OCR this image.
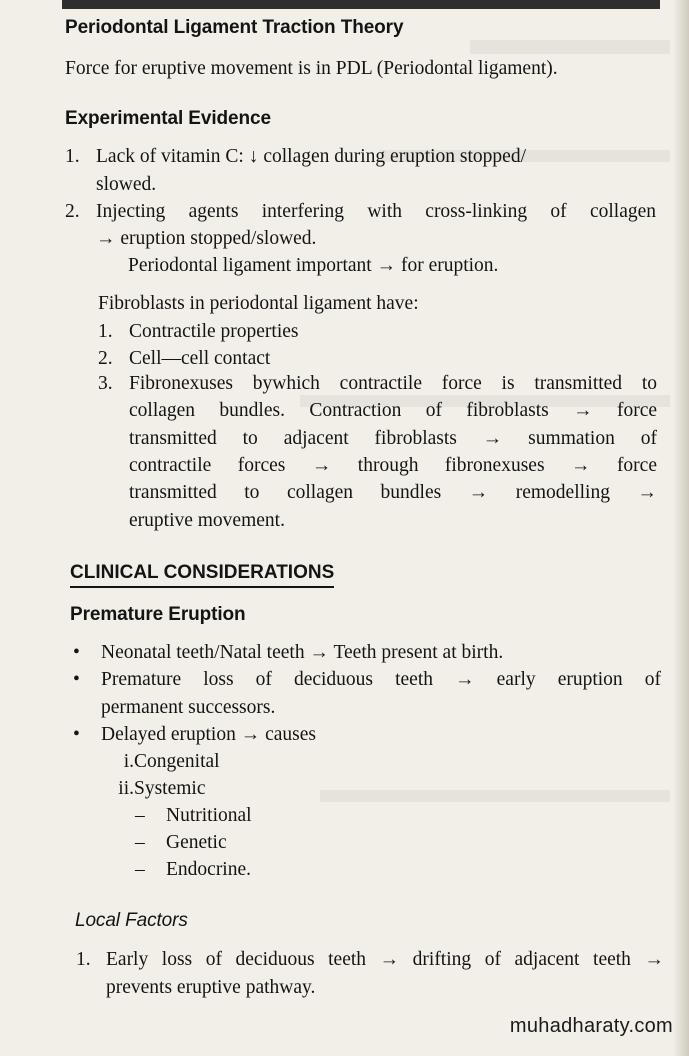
Periodontal Ligament Traction Theory
Force for eruptive movement is in PDL (Periodontal ligament).
Experimental Evidence
1. Lack of vitamin C: ↓ collagen during eruption stopped/
slowed.
2. Injecting agents interfering with cross-linking of collagen
→ eruption stopped/slowed.
Periodontal ligament important → for eruption.
Fibroblasts in periodontal ligament have:
1. Contractile properties
2. Cell—cell contact
3. Fibronexuses bywhich contractile force is transmitted to
collagen bundles. Contraction of fibroblasts → force
transmitted to adjacent fibroblasts → summation of
contractile forces → through fibronexuses → force
transmitted to collagen bundles → remodelling →
eruptive movement.
CLINICAL CONSIDERATIONS
Premature Eruption
• Neonatal teeth/Natal teeth → Teeth present at birth.
• Premature loss of deciduous teeth → early eruption of
permanent successors.
• Delayed eruption → causes
i. Congenital
ii. Systemic
– Nutritional
– Genetic
– Endocrine.
Local Factors
1. Early loss of deciduous teeth → drifting of adjacent teeth →
prevents eruptive pathway.
muhadharaty.com
